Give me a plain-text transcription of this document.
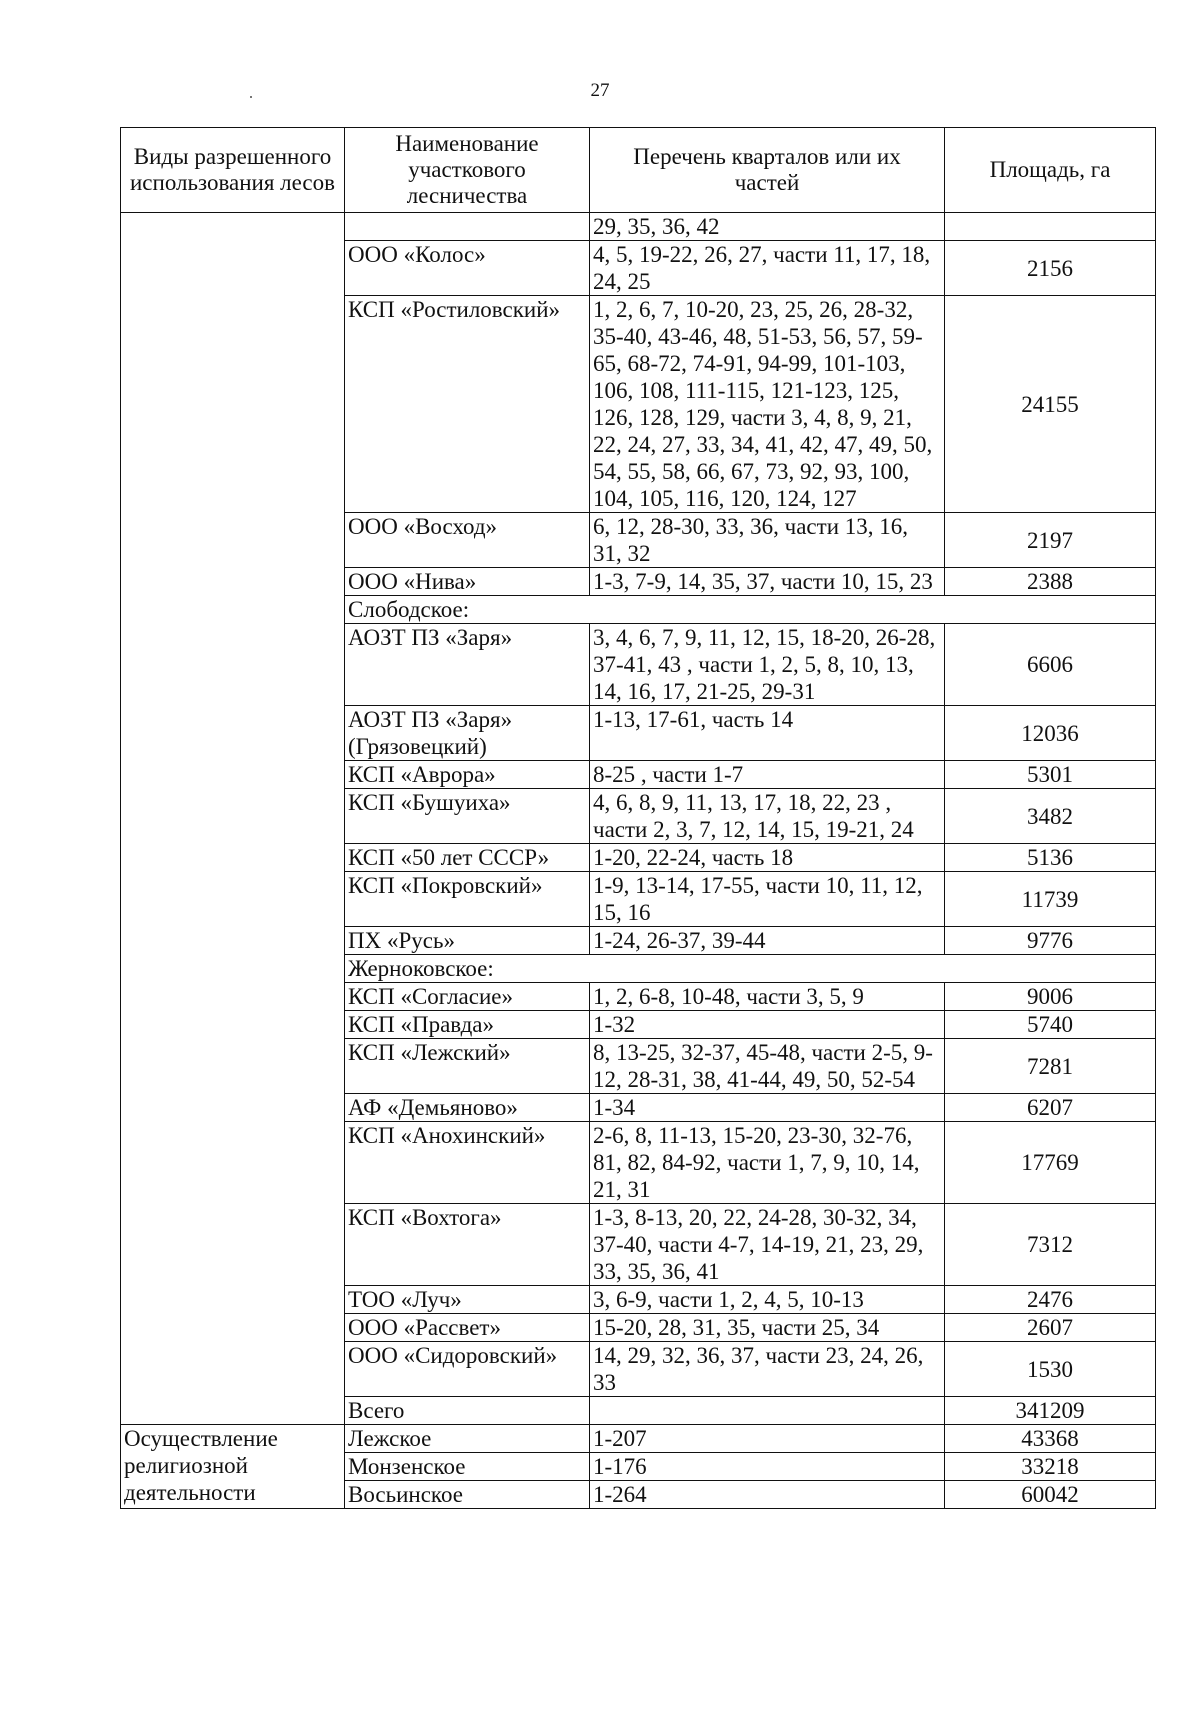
27
Виды разрешенного
использования лесов	Наименование
участкового
лесничества	Перечень кварталов или их
частей	Площадь, га
		29, 35, 36, 42	
	ООО «Колос»	4, 5, 19-22, 26, 27, части 11, 17, 18, 24, 25	2156
	КСП «Ростиловский»	1, 2, 6, 7, 10-20, 23, 25, 26, 28-32, 35-40, 43-46, 48, 51-53, 56, 57, 59-65, 68-72, 74-91, 94-99, 101-103, 106, 108, 111-115, 121-123, 125, 126, 128, 129, части 3, 4, 8, 9, 21, 22, 24, 27, 33, 34, 41, 42, 47, 49, 50, 54, 55, 58, 66, 67, 73, 92, 93, 100, 104, 105, 116, 120, 124, 127	24155
	ООО «Восход»	6, 12, 28-30, 33, 36, части 13, 16, 31, 32	2197
	ООО «Нива»	1-3, 7-9, 14, 35, 37, части 10, 15, 23	2388
	Слободское:		
	АОЗТ ПЗ «Заря»	3, 4, 6, 7, 9, 11, 12, 15, 18-20, 26-28, 37-41, 43 , части 1, 2, 5, 8, 10, 13, 14, 16, 17, 21-25, 29-31	6606
	АОЗТ ПЗ «Заря» (Грязовецкий)	1-13, 17-61, часть 14	12036
	КСП «Аврора»	8-25 , части 1-7	5301
	КСП «Бушуиха»	4, 6, 8, 9, 11, 13, 17, 18, 22, 23 , части 2, 3, 7, 12, 14, 15, 19-21, 24	3482
	КСП «50 лет СССР»	1-20, 22-24, часть 18	5136
	КСП «Покровский»	1-9, 13-14, 17-55, части 10, 11, 12, 15, 16	11739
	ПХ «Русь»	1-24, 26-37, 39-44	9776
	Жерноковское:		
	КСП «Согласие»	1, 2, 6-8, 10-48, части 3, 5, 9	9006
	КСП «Правда»	1-32	5740
	КСП «Лежский»	8, 13-25, 32-37, 45-48, части 2-5, 9-12, 28-31, 38, 41-44, 49, 50, 52-54	7281
	АФ «Демьяново»	1-34	6207
	КСП «Анохинский»	2-6, 8, 11-13, 15-20, 23-30, 32-76, 81, 82, 84-92, части 1, 7, 9, 10, 14, 21, 31	17769
	КСП «Вохтога»	1-3, 8-13, 20, 22, 24-28, 30-32, 34, 37-40, части 4-7, 14-19, 21, 23, 29, 33, 35, 36, 41	7312
	ТОО «Луч»	3, 6-9, части 1, 2, 4, 5, 10-13	2476
	ООО «Рассвет»	15-20, 28, 31, 35, части 25, 34	2607
	ООО «Сидоровский»	14, 29, 32, 36, 37, части 23, 24, 26, 33	1530
	Всего		341209
Осуществление религиозной деятельности	Лежское	1-207	43368
	Монзенское	1-176	33218
	Восьинское	1-264	60042
